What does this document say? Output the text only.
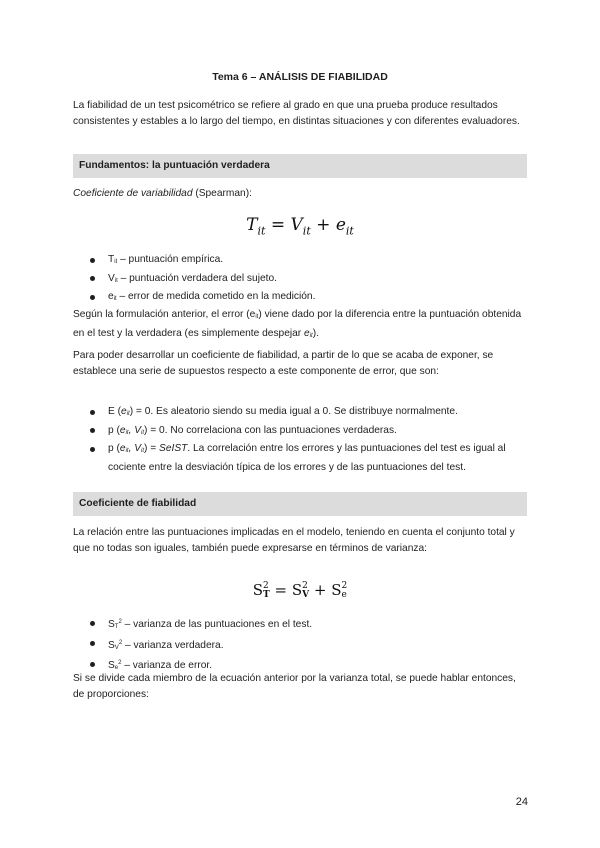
Tema 6 – ANÁLISIS DE FIABILIDAD

La fiabilidad de un test psicométrico se refiere al grado en que una prueba produce resultados consistentes y estables a lo largo del tiempo, en distintas situaciones y con diferentes evaluadores.

Fundamentos: la puntuación verdadera

Coeficiente de variabilidad (Spearman):

$T_{it} = V_{it} + e_{it}$
$T_{it}$ – puntuación empírica.
$V_{it}$ – puntuación verdadera del sujeto.
$e_{it}$ – error de medida cometido en la medición.

Según la formulación anterior, el error $(e_{it})$ viene dado por la diferencia entre la puntuación obtenida en el test y la verdadera (es simplemente despejar $e_{it}$).

Para poder desarrollar un coeficiente de fiabilidad, a partir de lo que se acaba de exponer, se establece una serie de supuestos respecto a este componente de error, que son:

E $(e_{it}) = 0$. Es aleatorio siendo su media igual a 0. Se distribuye normalmente.
p ($e_{it}$, $V_{it}) = 0$. No correlaciona con las puntuaciones verdaderas.
p ($e_{it}$, $V_{it}$) = SeIST. La correlación entre los errores y las puntuaciones del test es igual al cociente entre la desviación típica de los errores y de las puntuaciones del test.
Coeficiente de fiabilidad

La relación entre las puntuaciones implicadas en el modelo, teniendo en cuenta el conjunto total y que no todas son iguales, también puede expresarse en términos de varianza:

S 2
T = S 2
V + S 2
e
$S_T^2$ – varianza de las puntuaciones en el test.
$S_V^2$ – varianza verdadera.
$S_e^2$ – varianza de error.

Si se divide cada miembro de la ecuación anterior por la varianza total, se puede hablar entonces, de proporciones:

24
